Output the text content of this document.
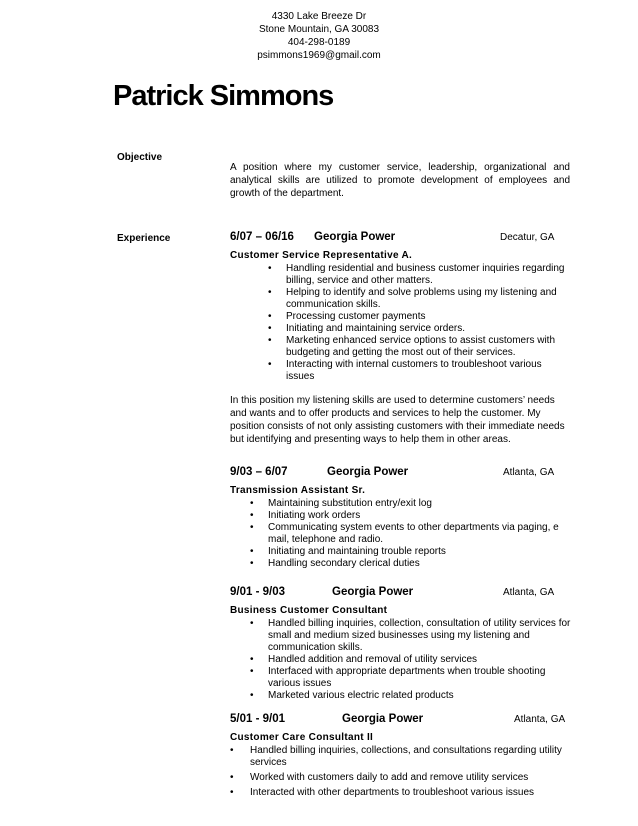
4330 Lake Breeze Dr
Stone Mountain, GA 30083
404-298-0189
psimmons1969@gmail.com
Patrick Simmons
Objective
A position where my customer service, leadership, organizational and analytical skills are utilized to promote development of employees and growth of the department.
Experience	6/07 – 06/16 Georgia Power	Decatur, GA
Customer Service Representative A.
• Handling residential and business customer inquiries regarding billing, service and other matters.
• Helping to identify and solve problems using my listening and communication skills.
• Processing customer payments
• Initiating and maintaining service orders.
• Marketing enhanced service options to assist customers with budgeting and getting the most out of their services.
• Interacting with internal customers to troubleshoot various issues
In this position my listening skills are used to determine customers’ needs and wants and to offer products and services to help the customer. My position consists of not only assisting customers with their immediate needs but identifying and presenting ways to help them in other areas.
9/03 – 6/07	Georgia Power	Atlanta, GA
Transmission Assistant Sr.
• Maintaining substitution entry/exit log
• Initiating work orders
• Communicating system events to other departments via paging, e mail, telephone and radio.
• Initiating and maintaining trouble reports
• Handling secondary clerical duties
9/01 - 9/03	Georgia Power	Atlanta, GA
Business Customer Consultant
• Handled billing inquiries, collection, consultation of utility services for small and medium sized businesses using my listening and communication skills.
• Handled addition and removal of utility services
• Interfaced with appropriate departments when trouble shooting various issues
• Marketed various electric related products
5/01 - 9/01	Georgia Power	Atlanta, GA
Customer Care Consultant II
• Handled billing inquiries, collections, and consultations regarding utility services
• Worked with customers daily to add and remove utility services
• Interacted with other departments to troubleshoot various issues
